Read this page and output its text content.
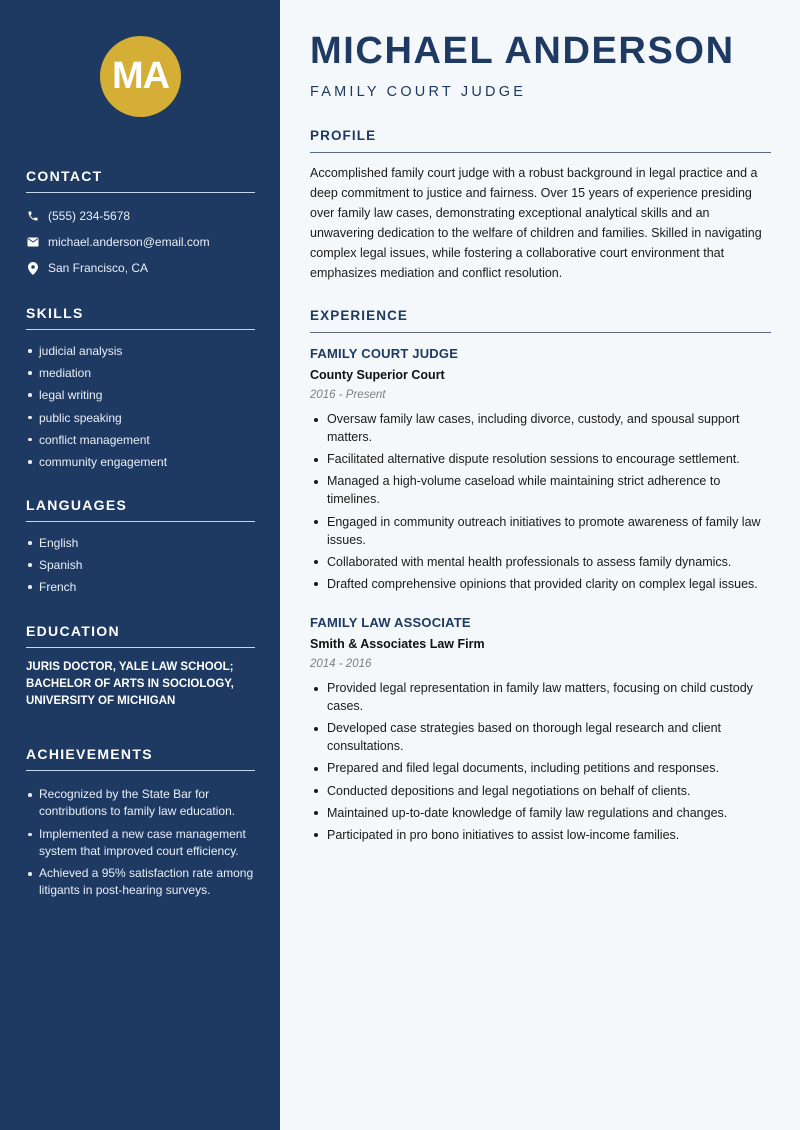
MA
CONTACT
(555) 234-5678
michael.anderson@email.com
San Francisco, CA
SKILLS
judicial analysis
mediation
legal writing
public speaking
conflict management
community engagement
LANGUAGES
English
Spanish
French
EDUCATION

JURIS DOCTOR, YALE LAW SCHOOL; BACHELOR OF ARTS IN SOCIOLOGY, UNIVERSITY OF MICHIGAN

ACHIEVEMENTS
Recognized by the State Bar for contributions to family law education.
Implemented a new case management system that improved court efficiency.
Achieved a 95% satisfaction rate among litigants in post-hearing surveys.
MICHAEL ANDERSON
FAMILY COURT JUDGE
PROFILE

Accomplished family court judge with a robust background in legal practice and a deep commitment to justice and fairness. Over 15 years of experience presiding over family law cases, demonstrating exceptional analytical skills and an unwavering dedication to the welfare of children and families. Skilled in navigating complex legal issues, while fostering a collaborative court environment that emphasizes mediation and conflict resolution.

EXPERIENCE
FAMILY COURT JUDGE
County Superior Court
2016 - Present
Oversaw family law cases, including divorce, custody, and spousal support matters.
Facilitated alternative dispute resolution sessions to encourage settlement.
Managed a high-volume caseload while maintaining strict adherence to timelines.
Engaged in community outreach initiatives to promote awareness of family law issues.
Collaborated with mental health professionals to assess family dynamics.
Drafted comprehensive opinions that provided clarity on complex legal issues.
FAMILY LAW ASSOCIATE
Smith & Associates Law Firm
2014 - 2016
Provided legal representation in family law matters, focusing on child custody cases.
Developed case strategies based on thorough legal research and client consultations.
Prepared and filed legal documents, including petitions and responses.
Conducted depositions and legal negotiations on behalf of clients.
Maintained up-to-date knowledge of family law regulations and changes.
Participated in pro bono initiatives to assist low-income families.
